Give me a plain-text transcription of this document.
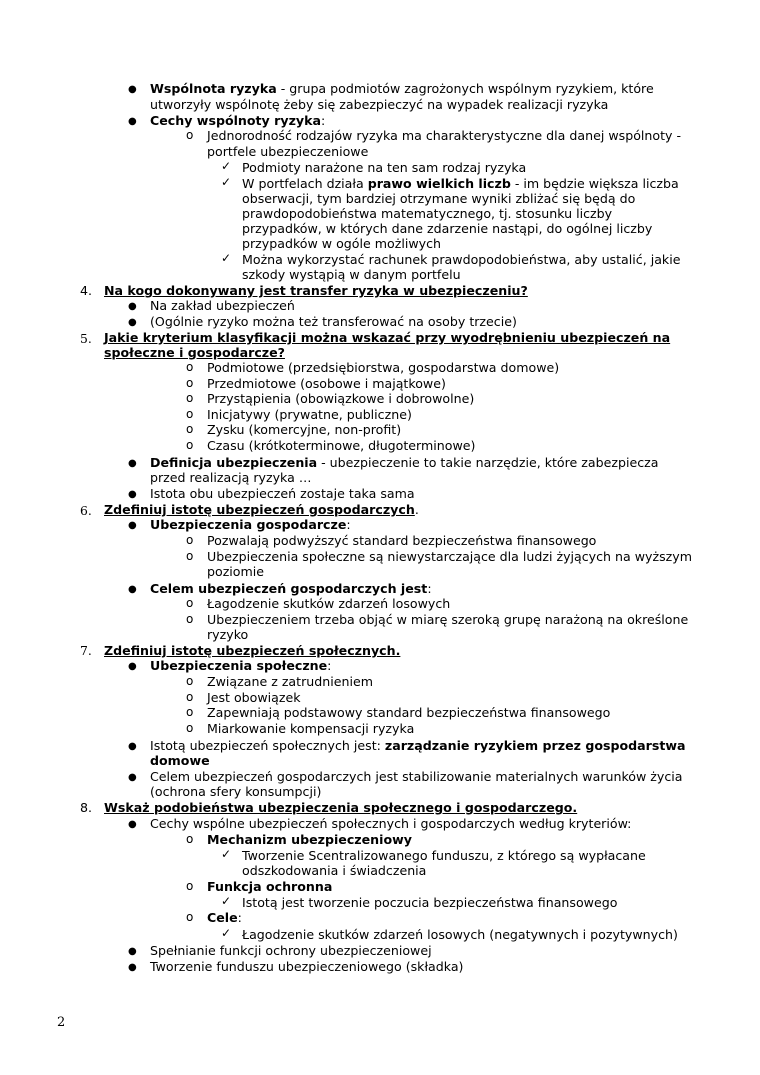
● Wspólnota ryzyka - grupa podmiotów zagrożonych wspólnym ryzykiem, które
utworzyły wspólnotę żeby się zabezpieczyć na wypadek realizacji ryzyka
● Cechy wspólnoty ryzyka:
o Jednorodność rodzajów ryzyka ma charakterystyczne dla danej wspólnoty -
portfele ubezpieczeniowe
✓ Podmioty narażone na ten sam rodzaj ryzyka
✓ W portfelach działa prawo wielkich liczb - im będzie większa liczba
obserwacji, tym bardziej otrzymane wyniki zbliżać się będą do
prawdopodobieństwa matematycznego, tj. stosunku liczby
przypadków, w których dane zdarzenie nastąpi, do ogólnej liczby
przypadków w ogóle możliwych
✓ Można wykorzystać rachunek prawdopodobieństwa, aby ustalić, jakie
szkody wystąpią w danym portfelu
4. Na kogo dokonywany jest transfer ryzyka w ubezpieczeniu?
● Na zakład ubezpieczeń
● (Ogólnie ryzyko można też transferować na osoby trzecie)
5. Jakie kryterium klasyfikacji można wskazać przy wyodrębnieniu ubezpieczeń na
społeczne i gospodarcze?
o Podmiotowe (przedsiębiorstwa, gospodarstwa domowe)
o Przedmiotowe (osobowe i majątkowe)
o Przystąpienia (obowiązkowe i dobrowolne)
o Inicjatywy (prywatne, publiczne)
o Zysku (komercyjne, non-profit)
o Czasu (krótkoterminowe, długoterminowe)
● Definicja ubezpieczenia - ubezpieczenie to takie narzędzie, które zabezpiecza
przed realizacją ryzyka …
● Istota obu ubezpieczeń zostaje taka sama
6. Zdefiniuj istotę ubezpieczeń gospodarczych.
● Ubezpieczenia gospodarcze:
o Pozwalają podwyższyć standard bezpieczeństwa finansowego
o Ubezpieczenia społeczne są niewystarczające dla ludzi żyjących na wyższym
poziomie
● Celem ubezpieczeń gospodarczych jest:
o Łagodzenie skutków zdarzeń losowych
o Ubezpieczeniem trzeba objąć w miarę szeroką grupę narażoną na określone
ryzyko
7. Zdefiniuj istotę ubezpieczeń społecznych.
● Ubezpieczenia społeczne:
o Związane z zatrudnieniem
o Jest obowiązek
o Zapewniają podstawowy standard bezpieczeństwa finansowego
o Miarkowanie kompensacji ryzyka
● Istotą ubezpieczeń społecznych jest: zarządzanie ryzykiem przez gospodarstwa
domowe
● Celem ubezpieczeń gospodarczych jest stabilizowanie materialnych warunków życia
(ochrona sfery konsumpcji)
8. Wskaż podobieństwa ubezpieczenia społecznego i gospodarczego.
● Cechy wspólne ubezpieczeń społecznych i gospodarczych według kryteriów:
o Mechanizm ubezpieczeniowy
✓ Tworzenie Scentralizowanego funduszu, z którego są wypłacane
odszkodowania i świadczenia
o Funkcja ochronna
✓ Istotą jest tworzenie poczucia bezpieczeństwa finansowego
o Cele:
✓ Łagodzenie skutków zdarzeń losowych (negatywnych i pozytywnych)
● Spełnianie funkcji ochrony ubezpieczeniowej
● Tworzenie funduszu ubezpieczeniowego (składka)
2
